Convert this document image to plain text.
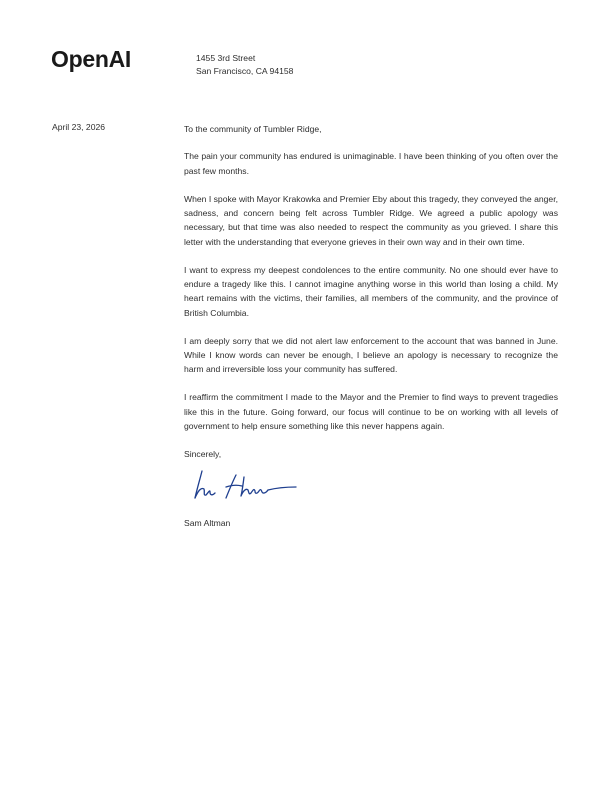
OpenAI	1455 3rd Street
San Francisco, CA 94158
April 23, 2026	To the community of Tumbler Ridge,

The pain your community has endured is unimaginable. I have been thinking of you often over the past few months.

When I spoke with Mayor Krakowka and Premier Eby about this tragedy, they conveyed the anger, sadness, and concern being felt across Tumbler Ridge. We agreed a public apology was necessary, but that time was also needed to respect the community as you grieved. I share this letter with the understanding that everyone grieves in their own way and in their own time.

I want to express my deepest condolences to the entire community. No one should ever have to endure a tragedy like this. I cannot imagine anything worse in this world than losing a child. My heart remains with the victims, their families, all members of the community, and the province of British Columbia.

I am deeply sorry that we did not alert law enforcement to the account that was banned in June. While I know words can never be enough, I believe an apology is necessary to recognize the harm and irreversible loss your community has suffered.

I reaffirm the commitment I made to the Mayor and the Premier to find ways to prevent tragedies like this in the future. Going forward, our focus will continue to be on working with all levels of government to help ensure something like this never happens again.

Sincerely,
Sam Altman
